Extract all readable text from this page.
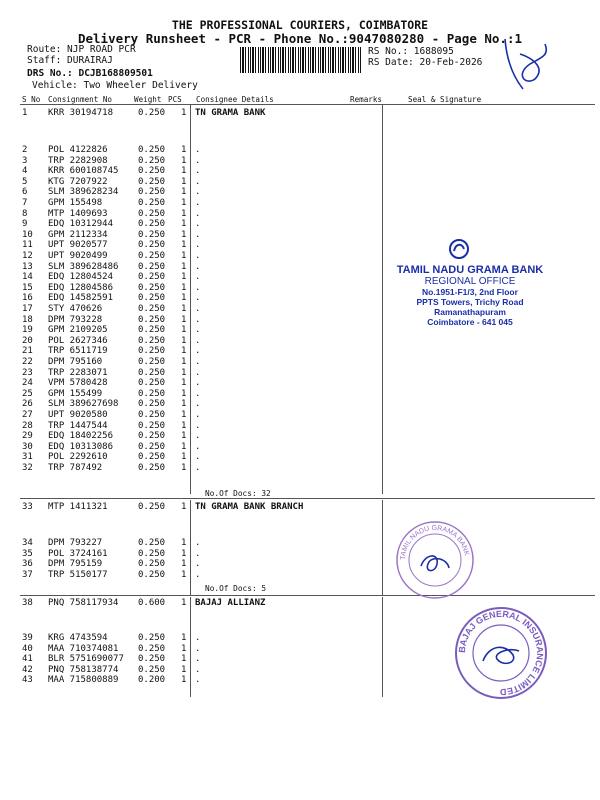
THE PROFESSIONAL COURIERS, COIMBATORE
Delivery Runsheet - PCR - Phone No.:9047080280 - Page No.:1
Route: NJP ROAD PCR
Staff: DURAIRAJ
DRS No.: DCJB168809501
Vehicle: Two Wheeler Delivery
RS No.: 1688095
RS Date: 20-Feb-2026
S No Consignment No	Weight PCS Consignee Details	Remarks	Seal & Signature
1 KRR 30194718	0.250 1 TN GRAMA BANK
2 POL 4122826	0.250 1 .
3 TRP 2282908	0.250 1 .
4 KRR 600108745 0.250 1 .
5 KTG 7207922	0.250 1 .
6 SLM 389628234 0.250 1 .
7 GPM 155498	0.250 1 .
8 MTP 1409693	0.250 1 .
9 EDQ 10312944	0.250 1 .
10 GPM 2112334	0.250 1 .
11 UPT 9020577	0.250 1 .
12 UPT 9020499	0.250 1 .
13 SLM 389628486 0.250 1 .
14 EDQ 12804524	0.250 1 .
15 EDQ 12804586	0.250 1 .
16 EDQ 14582591	0.250 1 .
17 STY 470626	0.250 1 .
18 DPM 793228	0.250 1 .
19 GPM 2109205	0.250 1 .
20 POL 2627346	0.250 1 .
21 TRP 6511719	0.250 1 .
22 DPM 795160	0.250 1 .
23 TRP 2283071	0.250 1 .
24 VPM 5780428	0.250 1 .
25 GPM 155499	0.250 1 .
26 SLM 389627698 0.250 1 .
27 UPT 9020580	0.250 1 .
28 TRP 1447544	0.250 1 .
29 EDQ 18402256	0.250 1 .
30 EDQ 10313086	0.250 1 .
31 POL 2292610	0.250 1 .
32 TRP 787492	0.250 1 .
No.Of Docs: 32
33 MTP 1411321	0.250 1 TN GRAMA BANK BRANCH
34 DPM 793227	0.250 1 .
35 POL 3724161	0.250 1 .
36 DPM 795159	0.250 1 .
37 TRP 5150177	0.250 1 .
No.Of Docs: 5
38 PNQ 758117934 0.600 1 BAJAJ ALLIANZ
39 KRG 4743594	0.250 1 .
40 MAA 710374081 0.250 1 .
41 BLR 5751690077 0.250 1 .
42 PNQ 758138774 0.250 1 .
43 MAA 715800889 0.200 1 .
TAMIL NADU GRAMA BANK
REGIONAL OFFICE
No.1951-F1/3, 2nd Floor
PPTS Towers, Trichy Road
Ramanathapuram
Coimbatore - 641 045
TAMIL NADU GRAMA BANK
BAJAJ GENERAL INSURANCE LIMITED
